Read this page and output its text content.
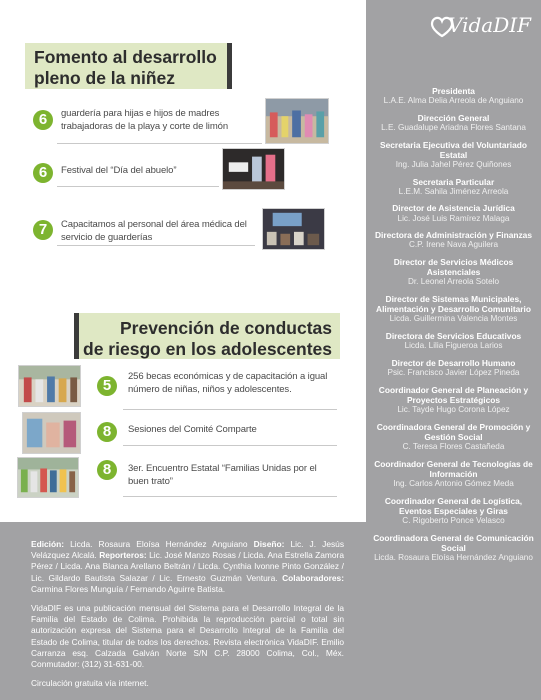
Fomento al desarrollo
pleno de la niñez
6	guardería para hijas e hijos de madres trabajadoras de la playa y corte de limón
6	Festival del “Día del abuelo”
7	Capacitamos al personal del área médica del servicio de guarderías
Prevención de conductas
de riesgo en los adolescentes
5
256 becas económicas y de capacitación a igual número de niñas, niños y adolescentes.
8	Sesiones del Comité Comparte
8	3er. Encuentro Estatal “Familias Unidas por el buen trato”
VidaDIF
Presidenta
L.A.E. Alma Delia Arreola de Anguiano
Dirección General
L.E. Guadalupe Ariadna Flores Santana
Secretaria Ejecutiva del Voluntariado Estatal
Ing. Julia Jahel Pérez Quiñones
Secretaria Particular
L.E.M. Sahila Jiménez Arreola
Director de Asistencia Jurídica
Lic. José Luis Ramírez Malaga
Directora de Administración y Finanzas
C.P. Irene Nava Aguilera
Director de Servicios Médicos Asistenciales
Dr. Leonel Arreola Sotelo
Director de Sistemas Municipales, Alimentación y Desarrollo Comunitario
Licda. Guillermina Valencia Montes
Directora de Servicios Educativos
Licda. Lilia Figueroa Larios
Director de Desarrollo Humano
Psic. Francisco Javier López Pineda
Coordinador General de Planeación y Proyectos Estratégicos
Lic. Tayde Hugo Corona López
Coordinadora General de Promoción y Gestión Social
C. Teresa Flores Castañeda
Coordinador General de Tecnologías de Información
Ing. Carlos Antonio Gómez Meda
Coordinador General de Logística, Eventos Especiales y Giras
C. Rigoberto Ponce Velasco
Coordinadora General de Comunicación Social
Licda. Rosaura Eloísa Hernández Anguiano

Edición: Licda. Rosaura Eloísa Hernández Anguiano Diseño: Lic. J. Jesús Velázquez Alcalá. Reporteros: Lic. José Manzo Rosas / Licda. Ana Estrella Zamora Pérez / Licda. Ana Blanca Arellano Beltrán / Licda. Cynthia Ivonne Pinto González / Lic. Gildardo Bautista Salazar / Lic. Ernesto Guzmán Ventura. Colaboradores: Carmina Flores Munguía / Fernando Aguirre Batista.

VidaDIF es una publicación mensual del Sistema para el Desarrollo Integral de la Familia del Estado de Colima. Prohibida la reproducción parcial o total sin autorización expresa del Sistema para el Desarrollo Integral de la Familia del Estado de Colima, titular de todos los derechos. Revista electrónica VidaDIF. Emilio Carranza esq. Calzada Galván Norte S/N C.P. 28000 Colima, Col., Méx. Conmutador: (312) 31-631-00.

Circulación gratuita vía internet.
